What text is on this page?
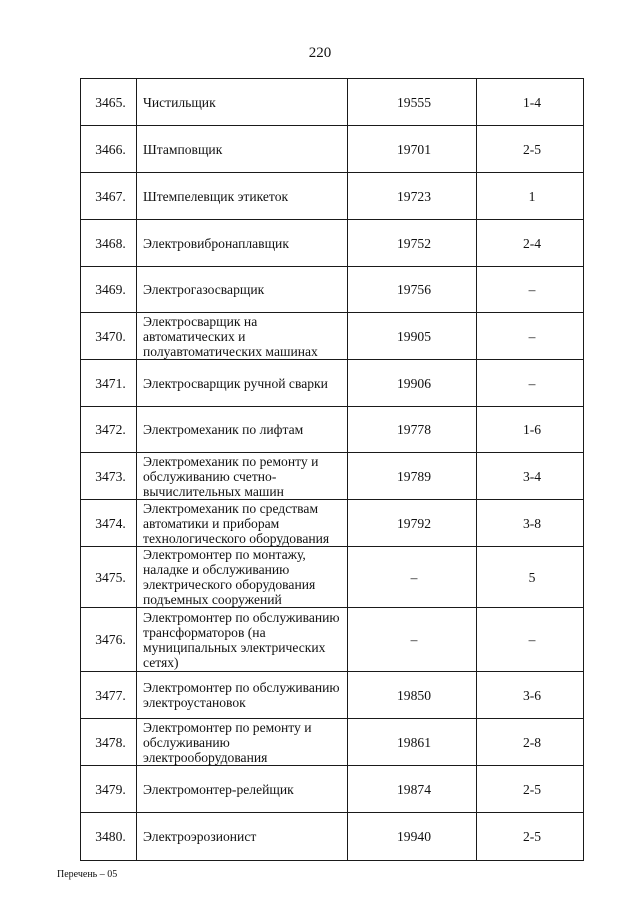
220
3465.	Чистильщик	19555	1-4
3466.	Штамповщик	19701	2-5
3467.	Штемпелевщик этикеток	19723	1
3468.	Электровибронаплавщик	19752	2-4
3469.	Электрогазосварщик	19756	–
3470.	Электросварщик на автоматических и полуавтоматических машинах	19905	–
3471.	Электросварщик ручной сварки	19906	–
3472.	Электромеханик по лифтам	19778	1-6
3473.	Электромеханик по ремонту и обслуживанию счетно-вычислительных машин	19789	3-4
3474.	Электромеханик по средствам автоматики и приборам технологического оборудования	19792	3-8
3475.	Электромонтер по монтажу, наладке и обслуживанию электрического оборудования подъемных сооружений	–	5
3476.	Электромонтер по обслуживанию трансформаторов (на муниципальных электрических сетях)	–	–
3477.	Электромонтер по обслуживанию электроустановок	19850	3-6
3478.	Электромонтер по ремонту и обслуживанию электрооборудования	19861	2-8
3479.	Электромонтер-релейщик	19874	2-5
3480.	Электроэрозионист	19940	2-5
Перечень – 05
